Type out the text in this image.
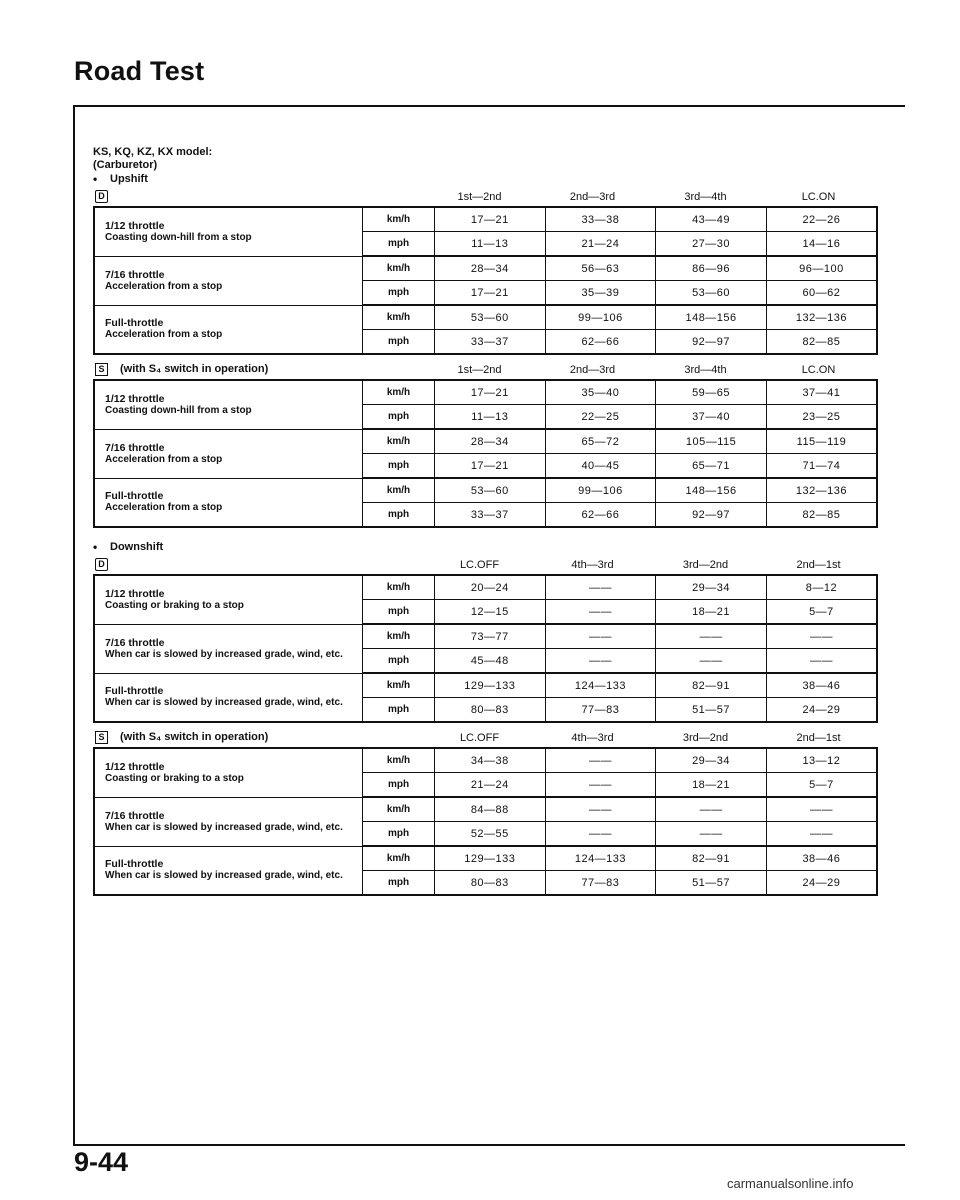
Road Test
KS, KQ, KZ, KX model:
(Carburetor)
•	Upshift
D	1st—2nd	2nd—3rd	3rd—4th	LC.ON
1/12 throttle
Coasting down-hill from a stop	km/h	17—21	33—38	43—49	22—26
	mph	11—13	21—24	27—30	14—16

7/16 throttle
Acceleration from a stop	km/h	28—34	56—63	86—96	96—100
	mph	17—21	35—39	53—60	60—62

Full-throttle
Acceleration from a stop	km/h	53—60	99—106	148—156	132—136
	mph	33—37	62—66	92—97	82—85
S	(with S₄ switch in operation)	1st—2nd	2nd—3rd	3rd—4th	LC.ON
1/12 throttle
Coasting down-hill from a stop	km/h	17—21	35—40	59—65	37—41
	mph	11—13	22—25	37—40	23—25

7/16 throttle
Acceleration from a stop	km/h	28—34	65—72	105—115	115—119
	mph	17—21	40—45	65—71	71—74

Full-throttle
Acceleration from a stop	km/h	53—60	99—106	148—156	132—136
	mph	33—37	62—66	92—97	82—85
•	Downshift
D	LC.OFF	4th—3rd	3rd—2nd	2nd—1st
1/12 throttle
Coasting or braking to a stop	km/h	20—24	——	29—34	8—12
	mph	12—15	——	18—21	5—7

7/16 throttle
When car is slowed by increased grade, wind, etc.	km/h	73—77	——	——	——
	mph	45—48	——	——	——

Full-throttle
When car is slowed by increased grade, wind, etc.	km/h	129—133	124—133	82—91	38—46
	mph	80—83	77—83	51—57	24—29
S	(with S₄ switch in operation)	LC.OFF	4th—3rd	3rd—2nd	2nd—1st
1/12 throttle
Coasting or braking to a stop	km/h	34—38	——	29—34	13—12
	mph	21—24	——	18—21	5—7

7/16 throttle
When car is slowed by increased grade, wind, etc.	km/h	84—88	——	——	——
	mph	52—55	——	——	——

Full-throttle
When car is slowed by increased grade, wind, etc.	km/h	129—133	124—133	82—91	38—46
	mph	80—83	77—83	51—57	24—29
9-44
carmanualsonline.info
